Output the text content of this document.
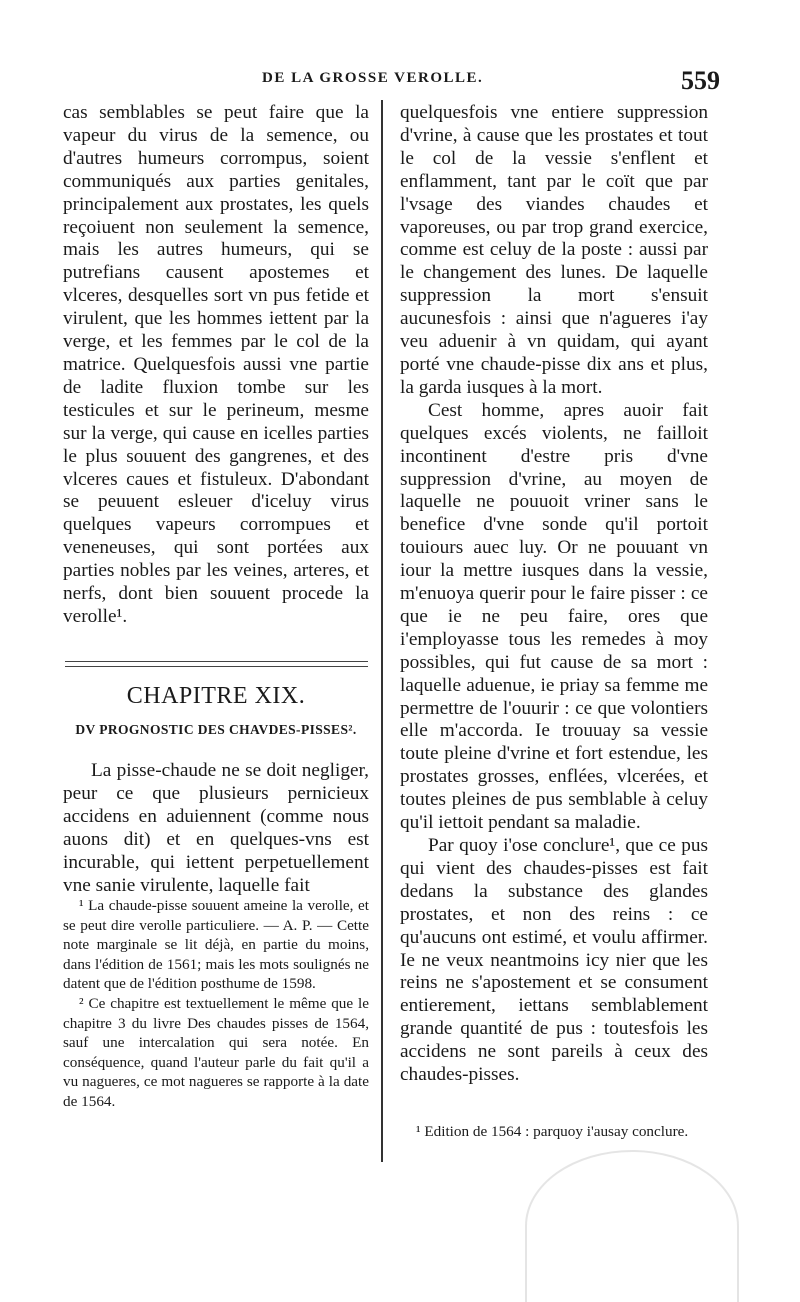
DE LA GROSSE VEROLLE.	559

cas semblables se peut faire que la vapeur du virus de la semence, ou d'autres humeurs corrompus, soient communiqués aux parties genitales, principalement aux prostates, les quels reçoiuent non seulement la semence, mais les autres humeurs, qui se putrefians causent apostemes et vlceres, desquelles sort vn pus fetide et virulent, que les hommes iettent par la verge, et les femmes par le col de la matrice. Quelquesfois aussi vne partie de ladite fluxion tombe sur les testicules et sur le perineum, mesme sur la verge, qui cause en icelles parties le plus souuent des gangrenes, et des vlceres caues et fistuleux. D'abondant se peuuent esleuer d'iceluy virus quelques vapeurs corrompues et veneneuses, qui sont portées aux parties nobles par les veines, arteres, et nerfs, dont bien souuent procede la verolle¹.

CHAPITRE XIX.
DV PROGNOSTIC DES CHAVDES-PISSES².

La pisse-chaude ne se doit negliger, peur ce que plusieurs pernicieux accidens en aduiennent (comme nous auons dit) et en quelques-vns est incurable, qui iettent perpetuellement vne sanie virulente, laquelle fait

¹ La chaude-pisse souuent ameine la verolle, et se peut dire verolle particuliere. — A. P. — Cette note marginale se lit déjà, en partie du moins, dans l'édition de 1561; mais les mots soulignés ne datent que de l'édition posthume de 1598.

² Ce chapitre est textuellement le même que le chapitre 3 du livre Des chaudes pisses de 1564, sauf une intercalation qui sera notée. En conséquence, quand l'auteur parle du fait qu'il a vu nagueres, ce mot nagueres se rapporte à la date de 1564.

quelquesfois vne entiere suppression d'vrine, à cause que les prostates et tout le col de la vessie s'enflent et enflamment, tant par le coït que par l'vsage des viandes chaudes et vaporeuses, ou par trop grand exercice, comme est celuy de la poste : aussi par le changement des lunes. De laquelle suppression la mort s'ensuit aucunesfois : ainsi que n'agueres i'ay veu aduenir à vn quidam, qui ayant porté vne chaude-pisse dix ans et plus, la garda iusques à la mort.

Cest homme, apres auoir fait quelques excés violents, ne failloit incontinent d'estre pris d'vne suppression d'vrine, au moyen de laquelle ne pouuoit vriner sans le benefice d'vne sonde qu'il portoit touiours auec luy. Or ne pouuant vn iour la mettre iusques dans la vessie, m'enuoya querir pour le faire pisser : ce que ie ne peu faire, ores que i'employasse tous les remedes à moy possibles, qui fut cause de sa mort : laquelle aduenue, ie priay sa femme me permettre de l'ouurir : ce que volontiers elle m'accorda. Ie trouuay sa vessie toute pleine d'vrine et fort estendue, les prostates grosses, enflées, vlcerées, et toutes pleines de pus semblable à celuy qu'il iettoit pendant sa maladie.

Par quoy i'ose conclure¹, que ce pus qui vient des chaudes-pisses est fait dedans la substance des glandes prostates, et non des reins : ce qu'aucuns ont estimé, et voulu affirmer. Ie ne veux neantmoins icy nier que les reins ne s'apostement et se consument entierement, iettans semblablement grande quantité de pus : toutesfois les accidens ne sont pareils à ceux des chaudes-pisses.

¹ Edition de 1564 : parquoy i'ausay conclure.
